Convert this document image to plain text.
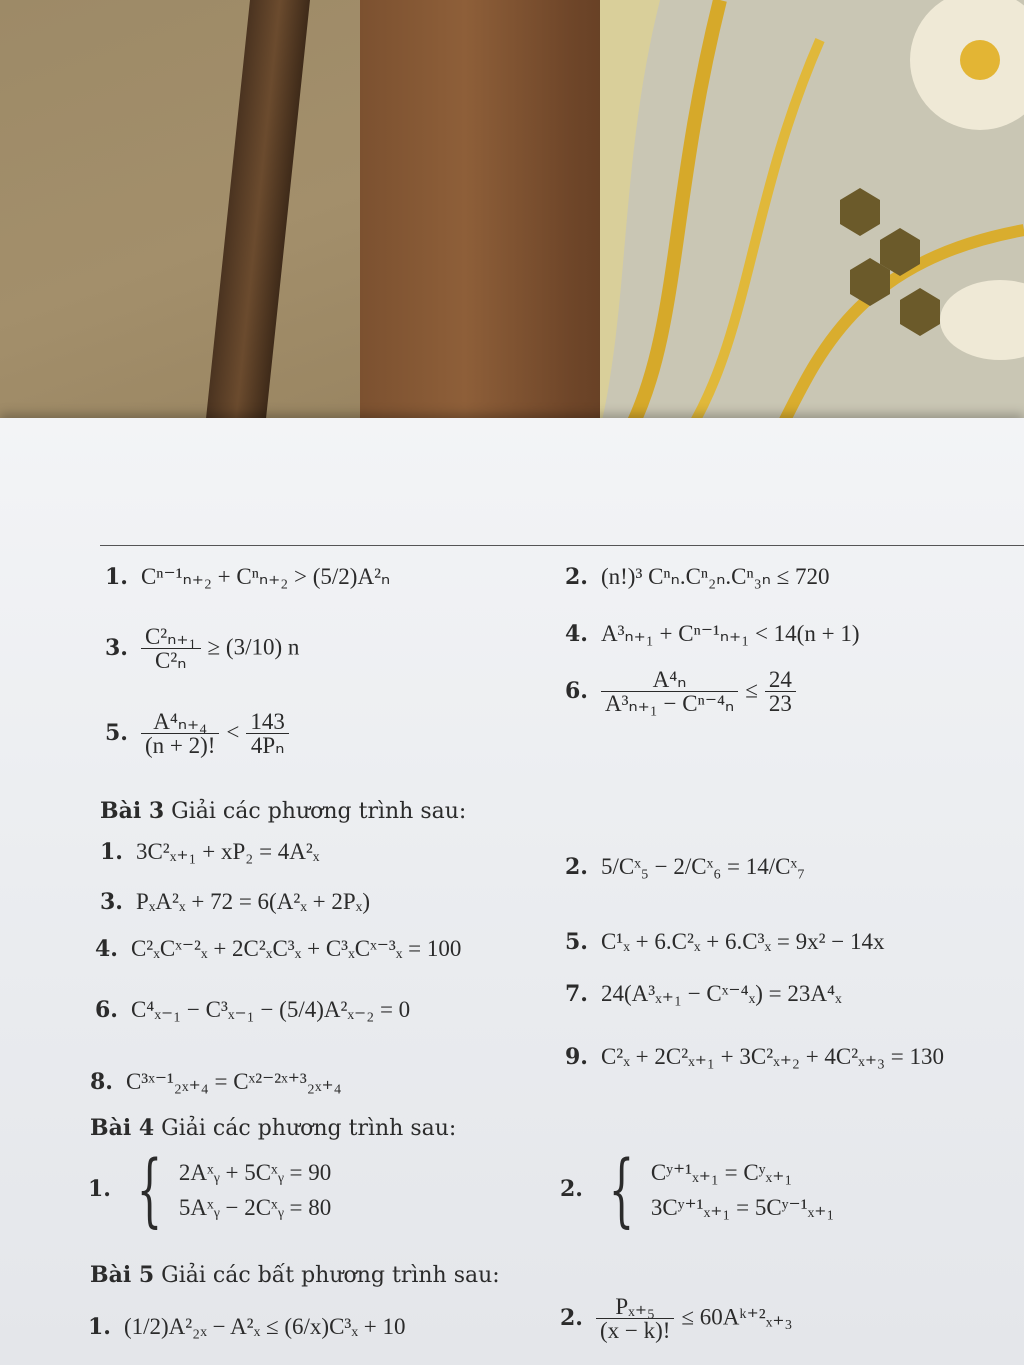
1. Cⁿ⁻¹ₙ₊₂ + Cⁿₙ₊₂ > (5/2)A²ₙ	2. (n!)³ Cⁿₙ.Cⁿ₂ₙ.Cⁿ₃ₙ ≤ 720
3. $\frac{\text{C²ₙ₊₁}}{\text{C²ₙ}} \ge (3/10)$ n	4. A³ₙ₊₁ + Cⁿ⁻¹ₙ₊₁ < 14(n + 1)
5. $\frac{\text{A⁴ₙ₊₄}}{(n + 2)!} < \frac{143}{\text{4Pₙ}}$
6. $\frac{\text{A⁴ₙ}}{\text{A³ₙ₊₁ − Cⁿ⁻⁴ₙ}} \le \frac{24}{23}$
Bài 3 Giải các phương trình sau:
1. 3C²ₓ₊₁ + xP₂ = 4A²ₓ
2. 5/Cˣ₅ − 2/Cˣ₆ = 14/Cˣ₇
3. PₓA²ₓ + 72 = 6(A²ₓ + 2Pₓ)
4. C²ₓCˣ⁻²ₓ + 2C²ₓC³ₓ + C³ₓCˣ⁻³ₓ = 100	5. C¹ₓ + 6.C²ₓ + 6.C³ₓ = 9x² − 14x
6. C⁴ₓ₋₁ − C³ₓ₋₁ − (5/4)A²ₓ₋₂ = 0
7. 24(A³ₓ₊₁ − Cˣ⁻⁴ₓ) = 23A⁴ₓ
8. C³ˣ⁻¹₂ₓ₊₄ = Cˣ²⁻²ˣ⁺³₂ₓ₊₄
9. C²ₓ + 2C²ₓ₊₁ + 3C²ₓ₊₂ + 4C²ₓ₊₃ = 130
Bài 4 Giải các phương trình sau:
1. { 2Aˣᵧ + 5Cˣᵧ = 90
5Aˣᵧ − 2Cˣᵧ = 80
2. { Cʸ⁺¹ₓ₊₁ = Cʸₓ₊₁
3Cʸ⁺¹ₓ₊₁ = 5Cʸ⁻¹ₓ₊₁
Bài 5 Giải các bất phương trình sau:
1. (1/2)A²₂ₓ − A²ₓ ≤ (6/x)C³ₓ + 10	2. $\frac{\text{Pₓ₊₅}}{(x - k)!}$ ≤ 60Aᵏ⁺²ₓ₊₃
